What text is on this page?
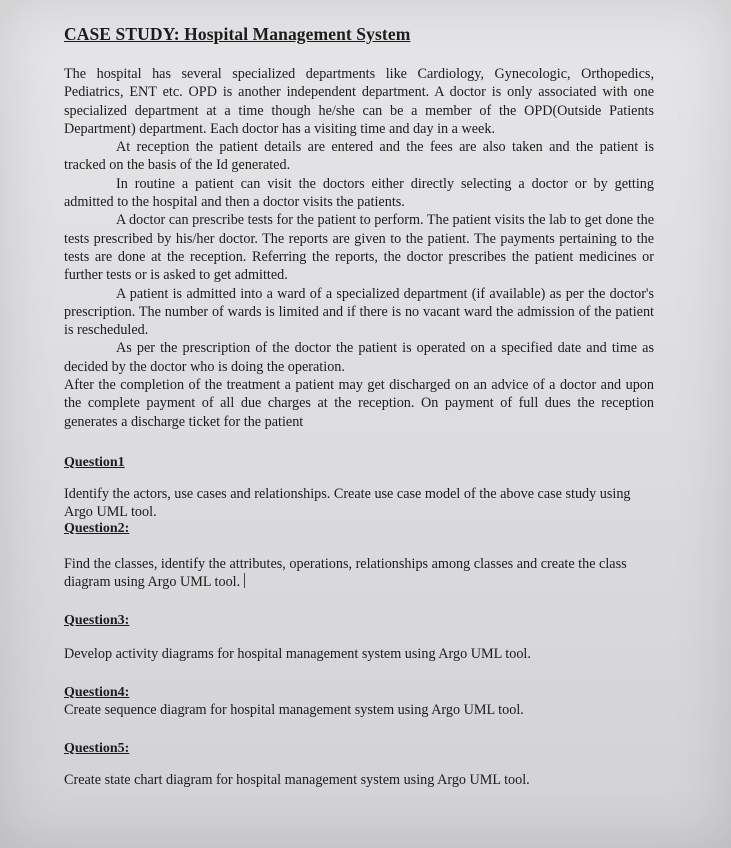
CASE STUDY: Hospital Management System

The hospital has several specialized departments like Cardiology, Gynecologic, Orthopedics, Pediatrics, ENT etc. OPD is another independent department. A doctor is only associated with one specialized department at a time though he/she can be a member of the OPD(Outside Patients Department) department. Each doctor has a visiting time and day in a week.

At reception the patient details are entered and the fees are also taken and the patient is tracked on the basis of the Id generated.

In routine a patient can visit the doctors either directly selecting a doctor or by getting admitted to the hospital and then a doctor visits the patients.

A doctor can prescribe tests for the patient to perform. The patient visits the lab to get done the tests prescribed by his/her doctor. The reports are given to the patient. The payments pertaining to the tests are done at the reception. Referring the reports, the doctor prescribes the patient medicines or further tests or is asked to get admitted.

A patient is admitted into a ward of a specialized department (if available) as per the doctor's prescription. The number of wards is limited and if there is no vacant ward the admission of the patient is rescheduled.

As per the prescription of the doctor the patient is operated on a specified date and time as decided by the doctor who is doing the operation.

After the completion of the treatment a patient may get discharged on an advice of a doctor and upon the complete payment of all due charges at the reception. On payment of full dues the reception generates a discharge ticket for the patient

Question1

Identify the actors, use cases and relationships. Create use case model of the above case study using Argo UML tool.

Question2:

Find the classes, identify the attributes, operations, relationships among classes and create the class diagram using Argo UML tool.

Question3:

Develop activity diagrams for hospital management system using Argo UML tool.

Question4:

Create sequence diagram for hospital management system using Argo UML tool.

Question5:

Create state chart diagram for hospital management system using Argo UML tool.
